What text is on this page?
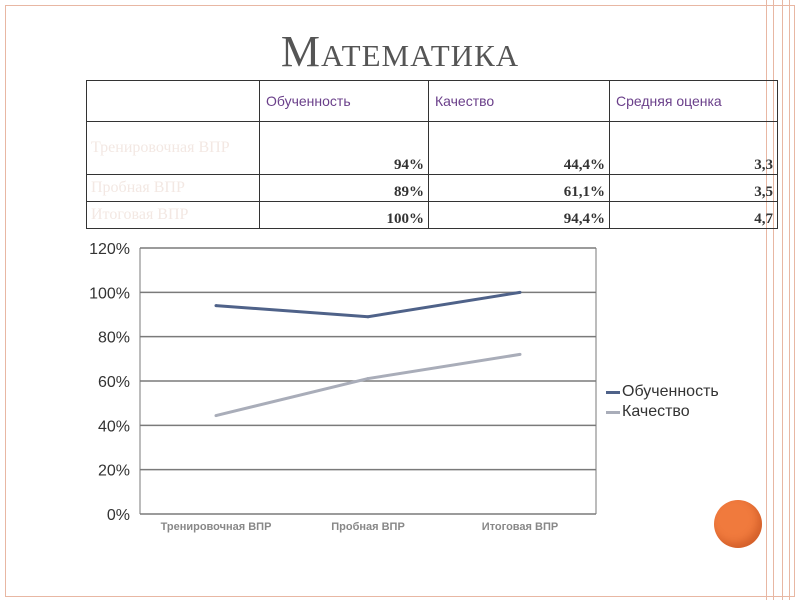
Математика
	Обученность	Качество	Средняя оценка
Тренировочная ВПР	94%	44,4%	3,3
Пробная ВПР	89%	61,1%	3,5
Итоговая ВПР	100%	94,4%	4,7
0%
20%
40%
60%
80%
100%
120%
Тренировочная ВПР	Пробная ВПР	Итоговая ВПР
Обученность
Качество
